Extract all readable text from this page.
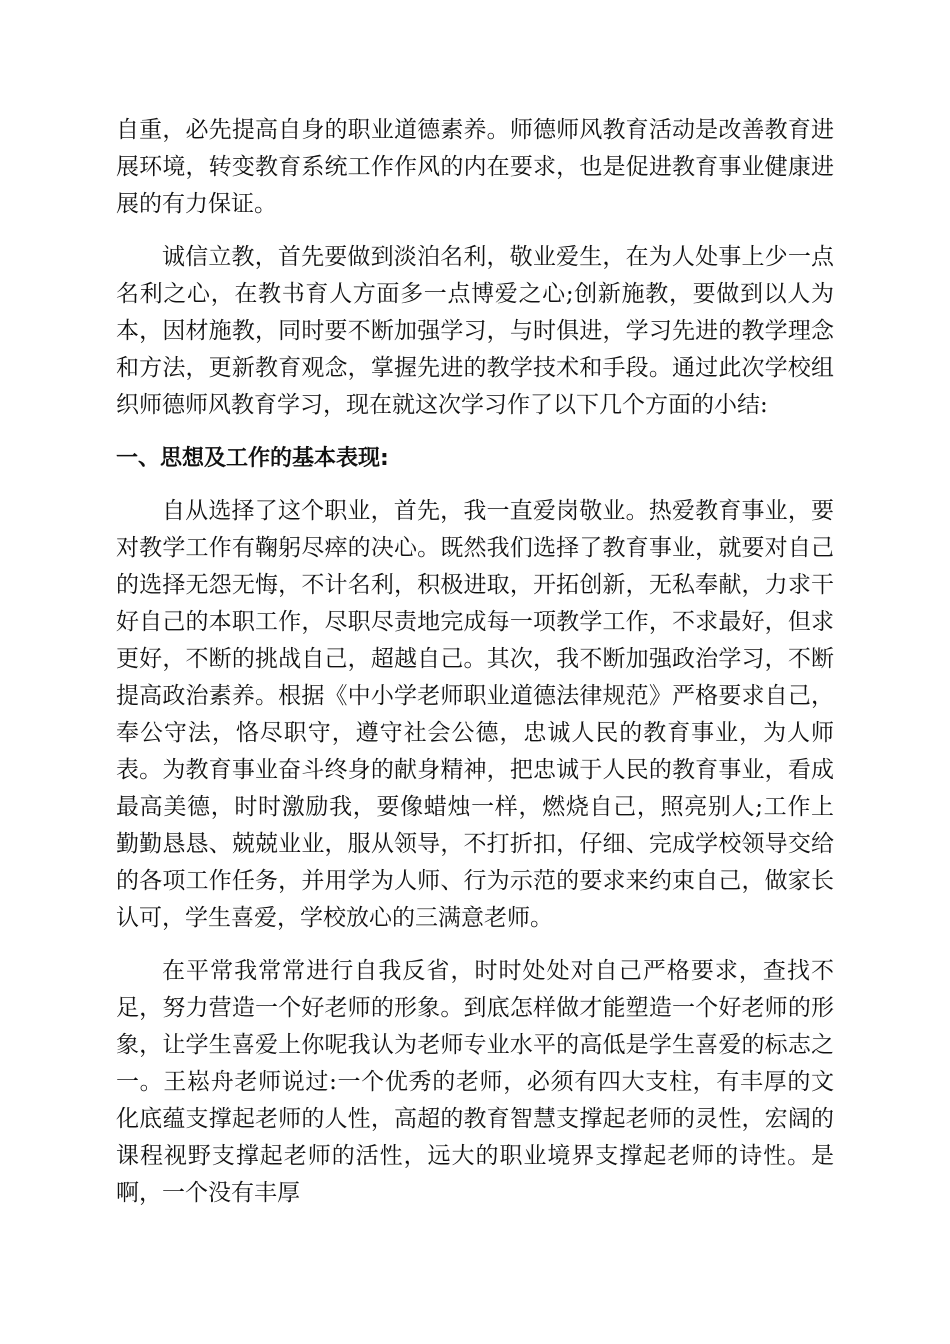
自重，必先提高自身的职业道德素养。师德师风教育活动是改善教育进展环境，转变教育系统工作作风的内在要求，也是促进教育事业健康进展的有力保证。

诚信立教，首先要做到淡泊名利，敬业爱生，在为人处事上少一点名利之心，在教书育人方面多一点博爱之心;创新施教，要做到以人为本，因材施教，同时要不断加强学习，与时俱进，学习先进的教学理念和方法，更新教育观念，掌握先进的教学技术和手段。通过此次学校组织师德师风教育学习，现在就这次学习作了以下几个方面的小结:

一、思想及工作的基本表现:

自从选择了这个职业，首先，我一直爱岗敬业。热爱教育事业，要对教学工作有鞠躬尽瘁的决心。既然我们选择了教育事业，就要对自己的选择无怨无悔，不计名利，积极进取，开拓创新，无私奉献，力求干好自己的本职工作，尽职尽责地完成每一项教学工作，不求最好，但求更好，不断的挑战自己，超越自己。其次，我不断加强政治学习，不断提高政治素养。根据《中小学老师职业道德法律规范》严格要求自己，奉公守法，恪尽职守，遵守社会公德，忠诚人民的教育事业，为人师表。为教育事业奋斗终身的献身精神，把忠诚于人民的教育事业，看成最高美德，时时激励我，要像蜡烛一样，燃烧自己，照亮别人;工作上勤勤恳恳、兢兢业业，服从领导，不打折扣，仔细、完成学校领导交给的各项工作任务，并用学为人师、行为示范的要求来约束自己，做家长认可，学生喜爱，学校放心的三满意老师。

在平常我常常进行自我反省，时时处处对自己严格要求，查找不足，努力营造一个好老师的形象。到底怎样做才能塑造一个好老师的形象，让学生喜爱上你呢我认为老师专业水平的高低是学生喜爱的标志之一。王崧舟老师说过:一个优秀的老师，必须有四大支柱，有丰厚的文化底蕴支撑起老师的人性，高超的教育智慧支撑起老师的灵性，宏阔的课程视野支撑起老师的活性，远大的职业境界支撑起老师的诗性。是啊，一个没有丰厚
